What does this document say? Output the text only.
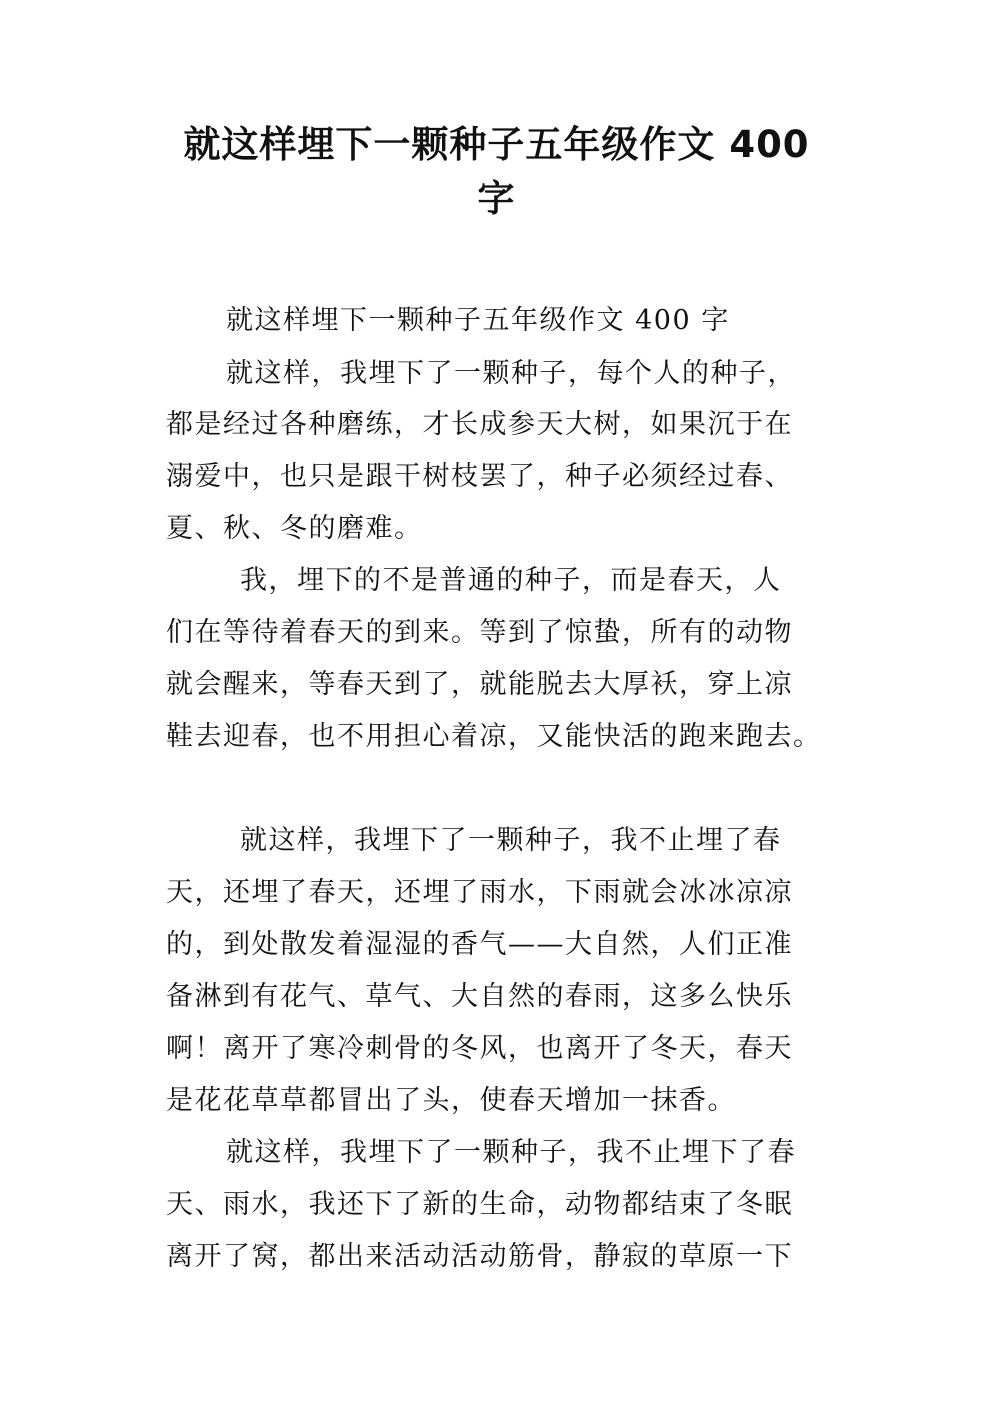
就这样埋下一颗种子五年级作文 400
字
就这样埋下一颗种子五年级作文 400 字
就这样，我埋下了一颗种子，每个人的种子，
都是经过各种磨练，才长成参天大树，如果沉于在
溺爱中，也只是跟干树枝罢了，种子必须经过春、
夏、秋、冬的磨难。
我，埋下的不是普通的种子，而是春天，人
们在等待着春天的到来。等到了惊蛰，所有的动物
就会醒来，等春天到了，就能脱去大厚袄，穿上凉
鞋去迎春，也不用担心着凉，又能快活的跑来跑去。
就这样，我埋下了一颗种子，我不止埋了春
天，还埋了春天，还埋了雨水，下雨就会冰冰凉凉
的，到处散发着湿湿的香气——大自然，人们正准
备淋到有花气、草气、大自然的春雨，这多么快乐
啊！离开了寒冷刺骨的冬风，也离开了冬天，春天
是花花草草都冒出了头，使春天增加一抹香。
就这样，我埋下了一颗种子，我不止埋下了春
天、雨水，我还下了新的生命，动物都结束了冬眠
离开了窝，都出来活动活动筋骨，静寂的草原一下
